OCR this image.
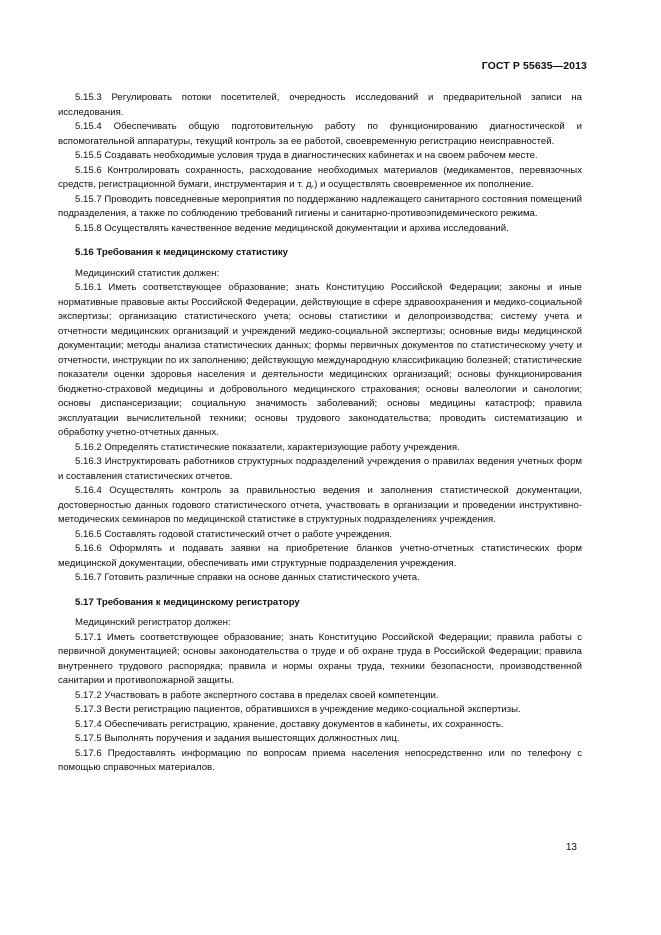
ГОСТ Р 55635—2013

5.15.3 Регулировать потоки посетителей, очередность исследований и предварительной записи на исследования.

5.15.4 Обеспечивать общую подготовительную работу по функционированию диагностической и вспомогательной аппаратуры, текущий контроль за ее работой, своевременную регистрацию неисправностей.

5.15.5 Создавать необходимые условия труда в диагностических кабинетах и на своем рабочем месте.

5.15.6 Контролировать сохранность, расходование необходимых материалов (медикаментов, перевязочных средств, регистрационной бумаги, инструментария и т. д.) и осуществлять своевременное их пополнение.

5.15.7 Проводить повседневные мероприятия по поддержанию надлежащего санитарного состояния помещений подразделения, а также по соблюдению требований гигиены и санитарно-противоэпидемического режима.

5.15.8 Осуществлять качественное ведение медицинской документации и архива исследований.

5.16 Требования к медицинскому статистику

Медицинский статистик должен:

5.16.1 Иметь соответствующее образование; знать Конституцию Российской Федерации; законы и иные нормативные правовые акты Российской Федерации, действующие в сфере здравоохранения и медико-социальной экспертизы; организацию статистического учета; основы статистики и делопроизводства; систему учета и отчетности медицинских организаций и учреждений медико-социальной экспертизы; основные виды медицинской документации; методы анализа статистических данных; формы первичных документов по статистическому учету и отчетности, инструкции по их заполнению; действующую международную классификацию болезней; статистические показатели оценки здоровья населения и деятельности медицинских организаций; основы функционирования бюджетно-страховой медицины и добровольного медицинского страхования; основы валеологии и санологии; основы диспансеризации; социальную значимость заболеваний; основы медицины катастроф; правила эксплуатации вычислительной техники; основы трудового законодательства; проводить систематизацию и обработку учетно-отчетных данных.

5.16.2 Определять статистические показатели, характеризующие работу учреждения.

5.16.3 Инструктировать работников структурных подразделений учреждения о правилах ведения учетных форм и составления статистических отчетов.

5.16.4 Осуществлять контроль за правильностью ведения и заполнения статистической документации, достоверностью данных годового статистического отчета, участвовать в организации и проведении инструктивно-методических семинаров по медицинской статистике в структурных подразделениях учреждения.

5.16.5 Составлять годовой статистический отчет о работе учреждения.

5.16.6 Оформлять и подавать заявки на приобретение бланков учетно-отчетных статистических форм медицинской документации, обеспечивать ими структурные подразделения учреждения.

5.16.7 Готовить различные справки на основе данных статистического учета.

5.17 Требования к медицинскому регистратору

Медицинский регистратор должен:

5.17.1 Иметь соответствующее образование; знать Конституцию Российской Федерации; правила работы с первичной документацией; основы законодательства о труде и об охране труда в Российской Федерации; правила внутреннего трудового распорядка; правила и нормы охраны труда, техники безопасности, производственной санитарии и противопожарной защиты.

5.17.2 Участвовать в работе экспертного состава в пределах своей компетенции.

5.17.3 Вести регистрацию пациентов, обратившихся в учреждение медико-социальной экспертизы.

5.17.4 Обеспечивать регистрацию, хранение, доставку документов в кабинеты, их сохранность.

5.17.5 Выполнять поручения и задания вышестоящих должностных лиц.

5.17.6 Предоставлять информацию по вопросам приема населения непосредственно или по телефону с помощью справочных материалов.

13
